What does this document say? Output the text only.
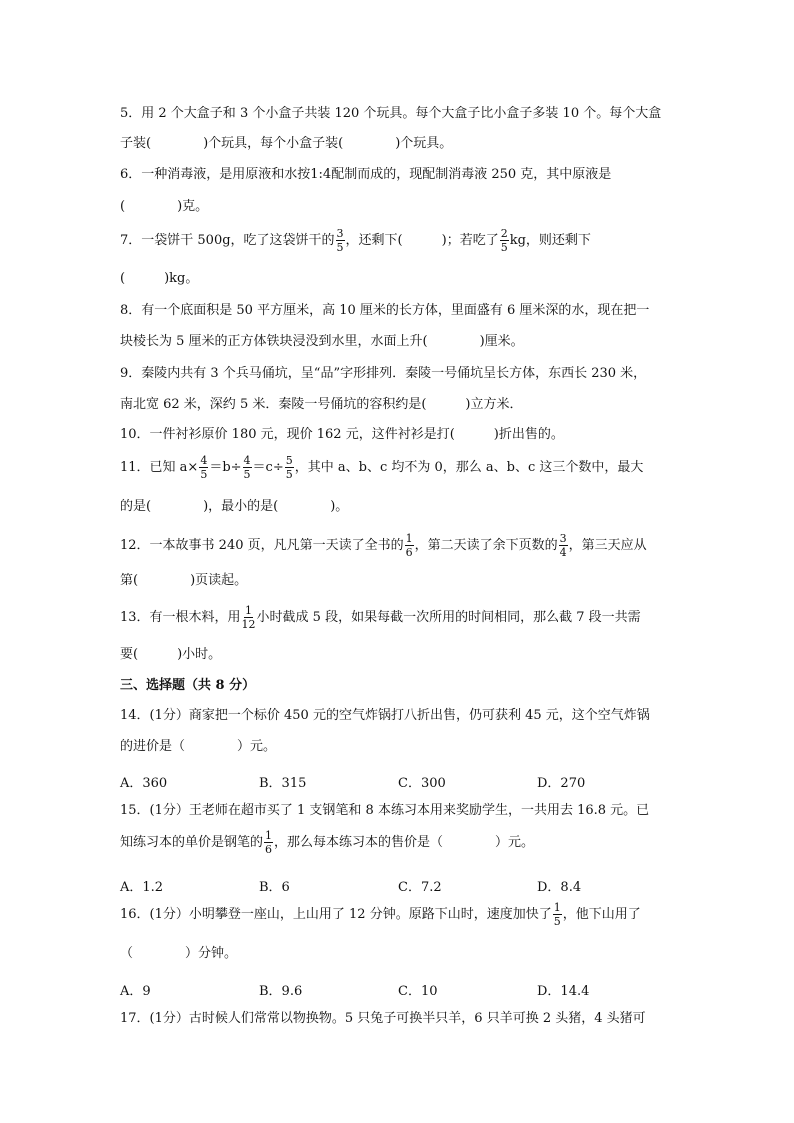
5．用 2 个大盒子和 3 个小盒子共装 120 个玩具。每个大盒子比小盒子多装 10 个。每个大盒
子装(　　　　)个玩具，每个小盒子装(　　　　)个玩具。
6．一种消毒液，是用原液和水按1:4配制而成的，现配制消毒液 250 克，其中原液是
(　　　　)克。
7．一袋饼干 500g，吃了这袋饼干的 $\frac{3}{5}$ ，还剩下(　　　)；若吃了 $\frac{2}{5}$ kg，则还剩下
(　　　)kg。
8．有一个底面积是 50 平方厘米，高 10 厘米的长方体，里面盛有 6 厘米深的水，现在把一
块棱长为 5 厘米的正方体铁块浸没到水里，水面上升(　　　　)厘米。
9．秦陵内共有 3 个兵马俑坑，呈“品”字形排列．秦陵一号俑坑呈长方体，东西长 230 米，
南北宽 62 米，深约 5 米．秦陵一号俑坑的容积约是(　　　)立方米．
10．一件衬衫原价 180 元，现价 162 元，这件衬衫是打(　　　)折出售的。
11．已知 $a\times \frac{4}{5} =b\div \frac{4}{5} =c\div \frac{5}{5}$ ，其中 a、b、c 均不为 0，那么 a、b、c 这三个数中，最大
的是(　　　　)，最小的是(　　　　)。
12．一本故事书 240 页，凡凡第一天读了全书的 $\frac{1}{6}$ ，第二天读了余下页数的 $\frac{3}{4}$ ，第三天应从
第(　　　　)页读起。
13．有一根木料，用 $\frac{1}{12}$ 小时截成 5 段，如果每截一次所用的时间相同，那么截 7 段一共需
要(　　　)小时。
三、选择题（共 8 分）
14．(1分）商家把一个标价 450 元的空气炸锅打八折出售，仍可获利 45 元，这个空气炸锅
的进价是（　　　　）元。
A．360	B．315	C．300	D．270
15．(1分）王老师在超市买了 1 支钢笔和 8 本练习本用来奖励学生，一共用去 16.8 元。已
知练习本的单价是钢笔的 $\frac{1}{6}$ ，那么每本练习本的售价是（　　　　）元。
A．1.2	B．6	C．7.2	D．8.4
16．(1分）小明攀登一座山，上山用了 12 分钟。原路下山时，速度加快了 $\frac{1}{5}$ ，他下山用了
（　　　　）分钟。
A．9	B．9.6	C．10	D．14.4
17．(1分）古时候人们常常以物换物。5 只兔子可换半只羊，6 只羊可换 2 头猪，4 头猪可
